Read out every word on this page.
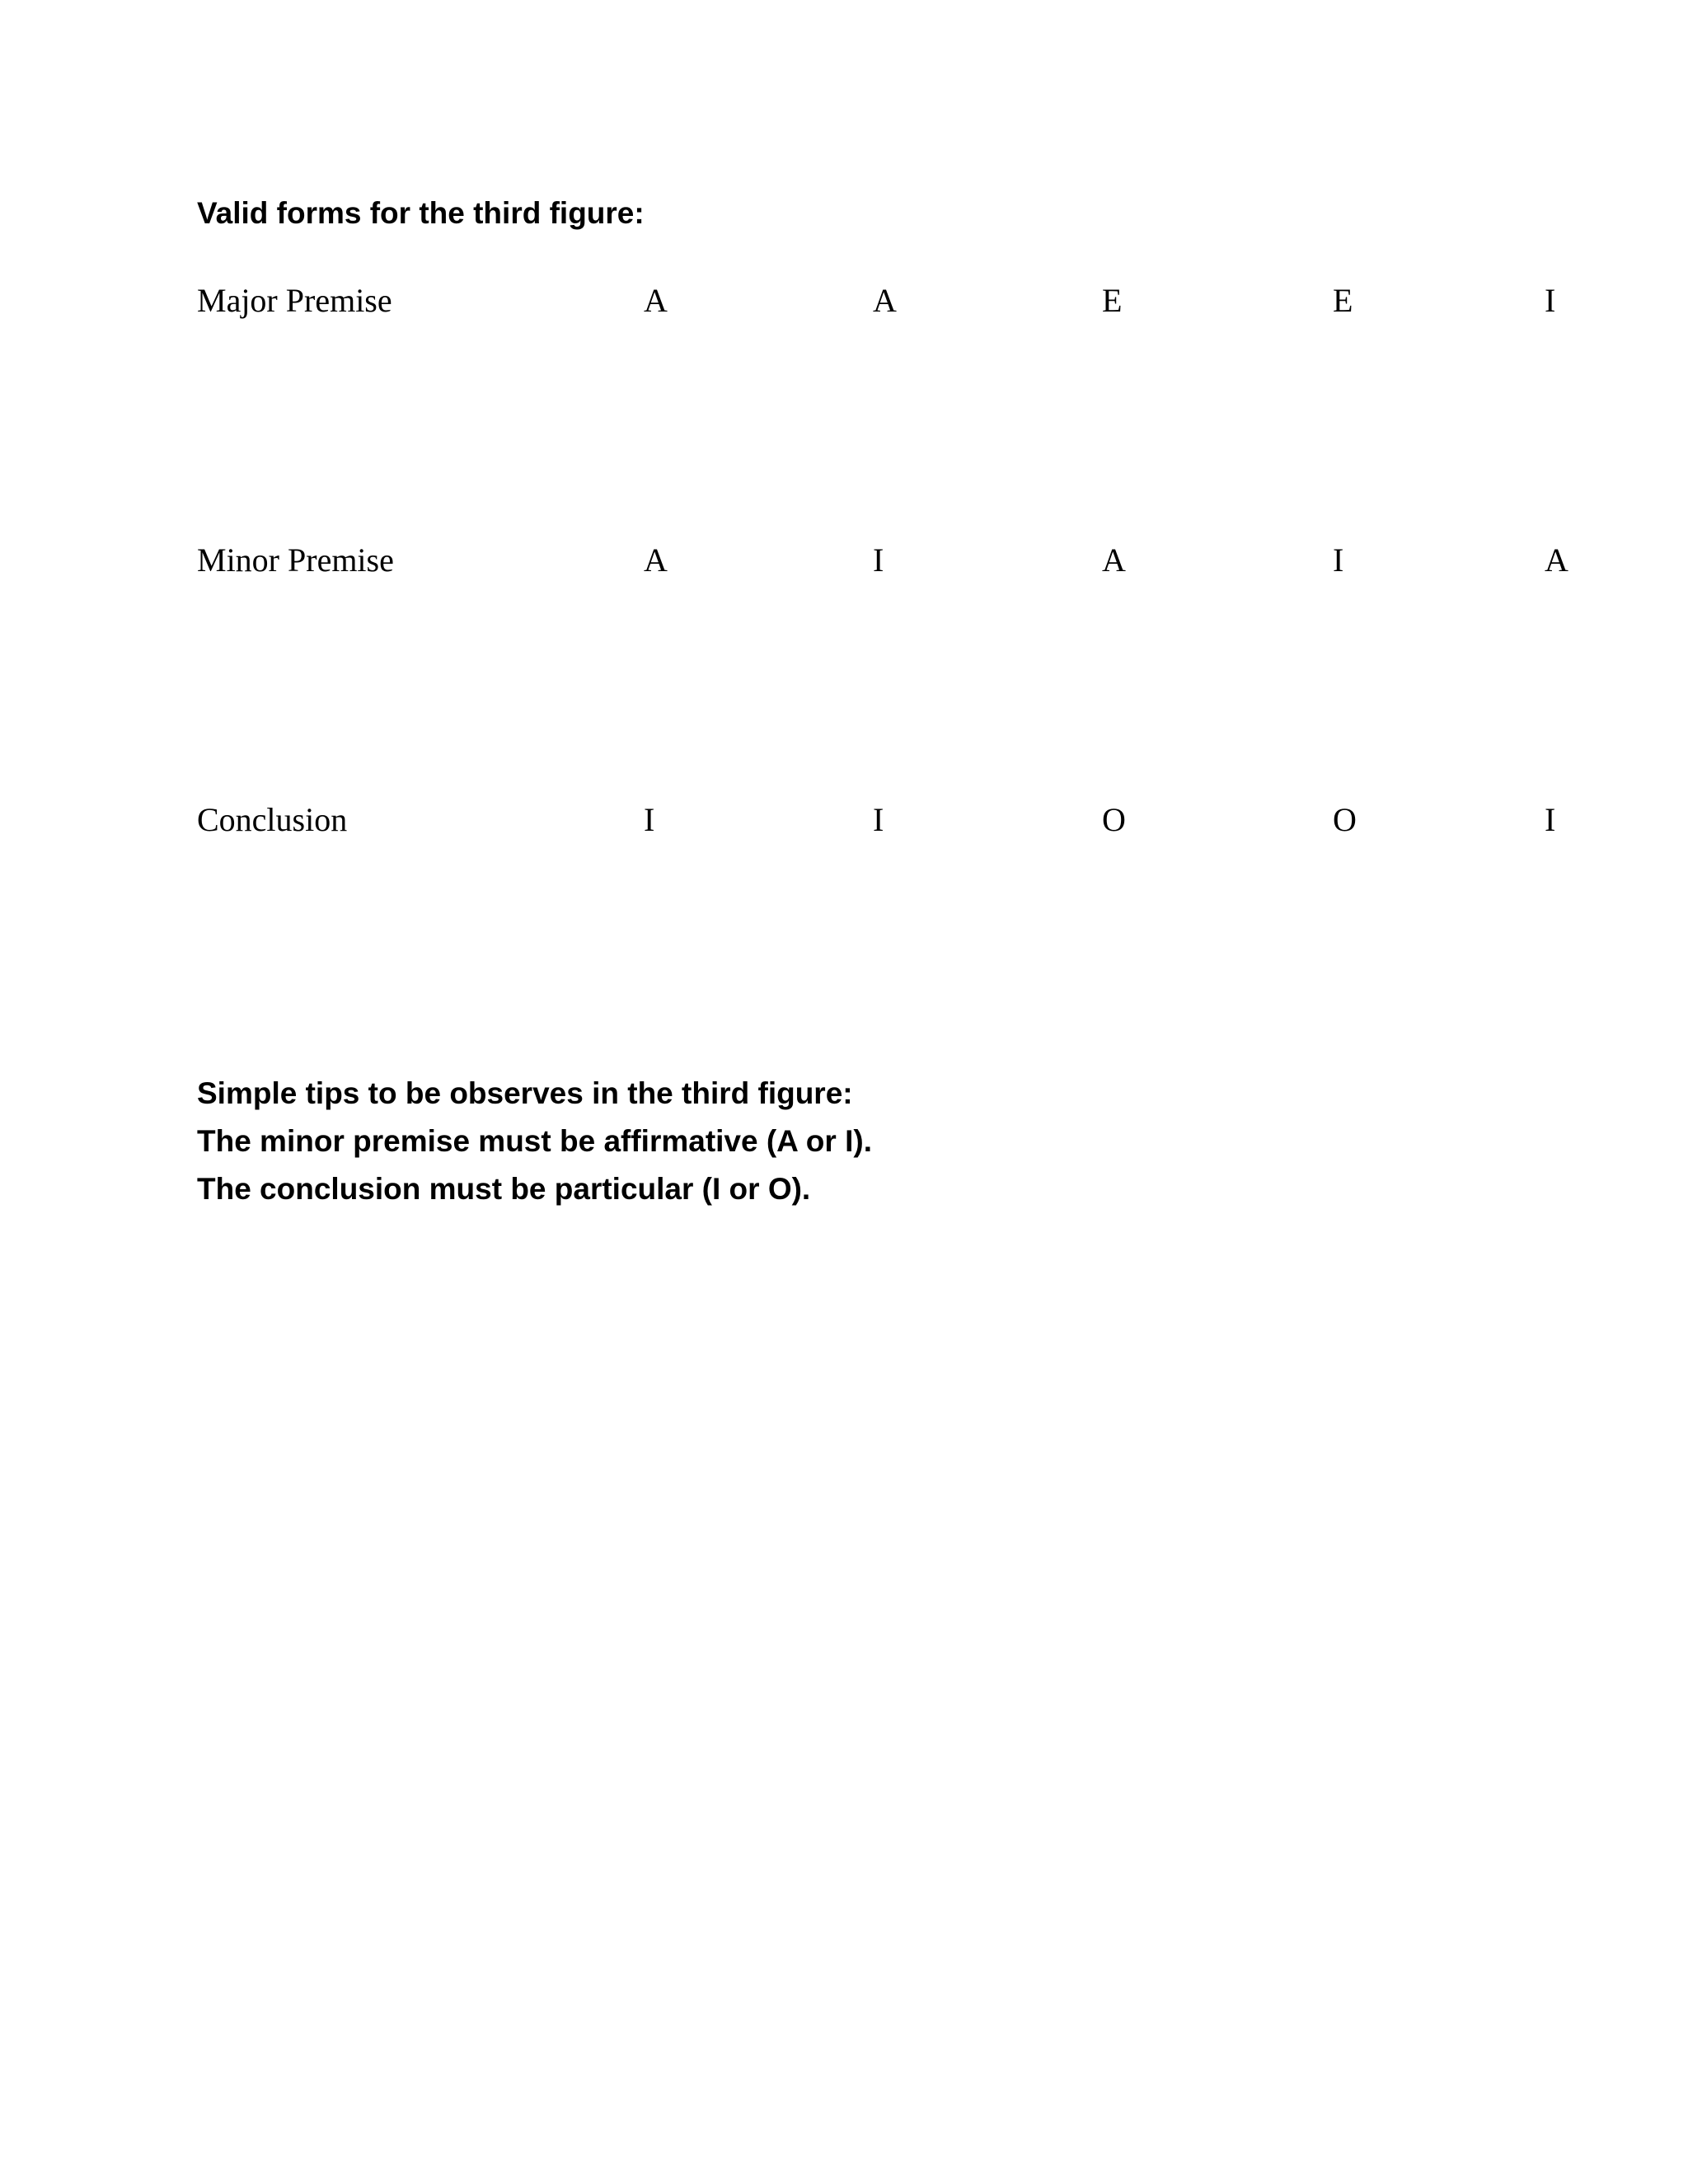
Valid forms for the third figure:
Major Premise	A	A	E	E	I
Minor Premise	A	I	A	I	A
Conclusion	I	I	O	O	I
Simple tips to be observes in the third figure:
The minor premise must be affirmative (A or I).
The conclusion must be particular (I or O).
